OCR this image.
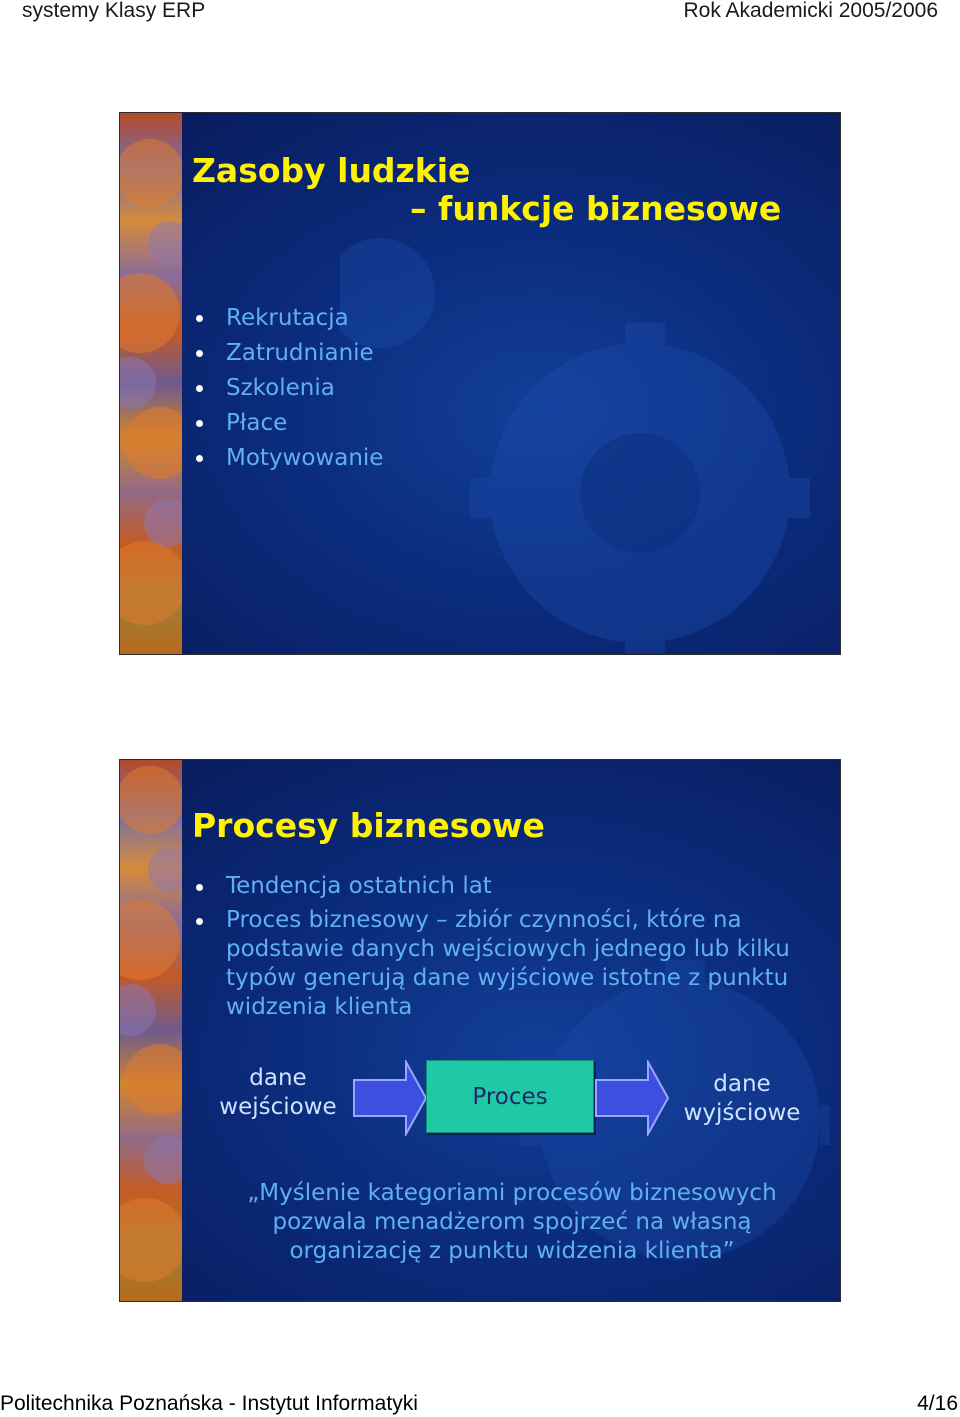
systemy Klasy ERP	Rok Akademicki 2005/2006
Zasoby ludzkie
– funkcje biznesowe
Rekrutacja
Zatrudnianie
Szkolenia
Płace
Motywowanie
Procesy biznesowe
Tendencja ostatnich lat
Proces biznesowy – zbiór czynności, które na podstawie danych wejściowych jednego lub kilku typów generują dane wyjściowe istotne z punktu widzenia klienta
dane wejściowe	Proces	dane wyjściowe
„Myślenie kategoriami procesów biznesowych
pozwala menadżerom spojrzeć na własną
organizację z punktu widzenia klienta”
Politechnika Poznańska - Instytut Informatyki	4/16
